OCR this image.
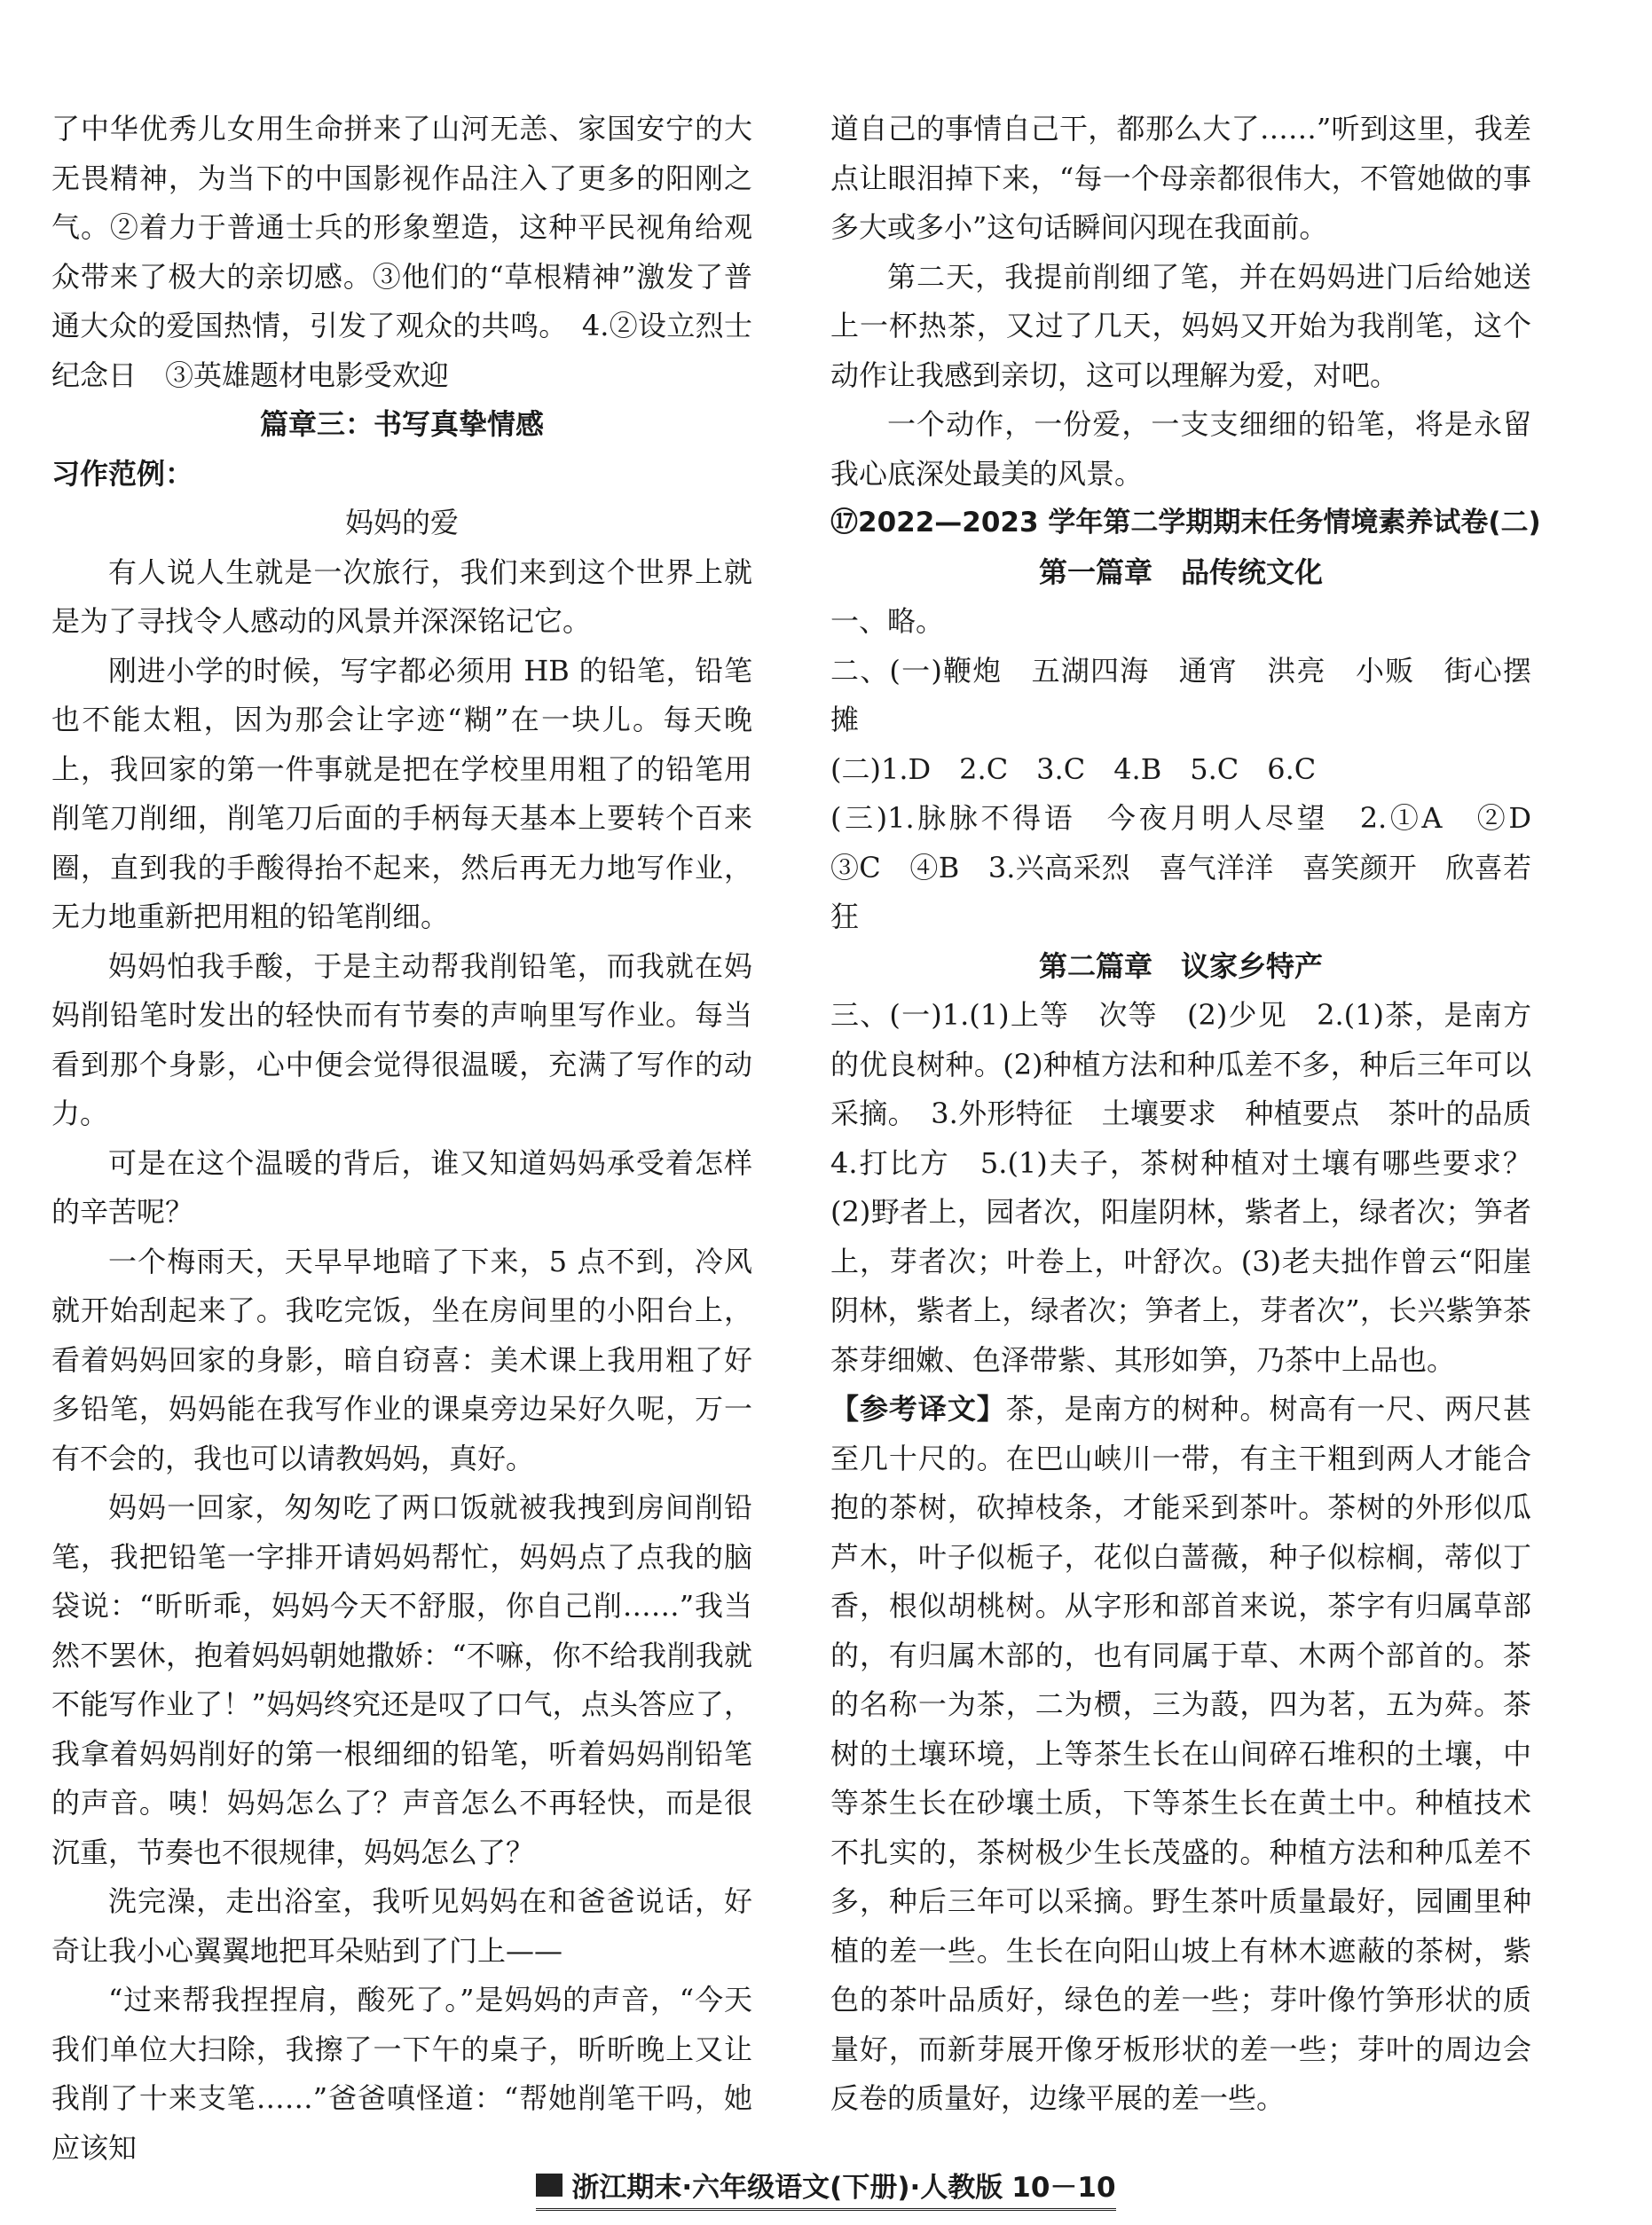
了中华优秀儿女用生命拼来了山河无恙、家国安宁的大无畏精神，为当下的中国影视作品注入了更多的阳刚之气。②着力于普通士兵的形象塑造，这种平民视角给观众带来了极大的亲切感。③他们的“草根精神”激发了普通大众的爱国热情，引发了观众的共鸣。　4.②设立烈士纪念日　③英雄题材电影受欢迎

篇章三：书写真挚情感

习作范例：

妈妈的爱

有人说人生就是一次旅行，我们来到这个世界上就是为了寻找令人感动的风景并深深铭记它。

刚进小学的时候，写字都必须用 HB 的铅笔，铅笔也不能太粗，因为那会让字迹“糊”在一块儿。每天晚上，我回家的第一件事就是把在学校里用粗了的铅笔用削笔刀削细，削笔刀后面的手柄每天基本上要转个百来圈，直到我的手酸得抬不起来，然后再无力地写作业，无力地重新把用粗的铅笔削细。

妈妈怕我手酸，于是主动帮我削铅笔，而我就在妈妈削铅笔时发出的轻快而有节奏的声响里写作业。每当看到那个身影，心中便会觉得很温暖，充满了写作的动力。

可是在这个温暖的背后，谁又知道妈妈承受着怎样的辛苦呢？

一个梅雨天，天早早地暗了下来，5 点不到，冷风就开始刮起来了。我吃完饭，坐在房间里的小阳台上，看着妈妈回家的身影，暗自窃喜：美术课上我用粗了好多铅笔，妈妈能在我写作业的课桌旁边呆好久呢，万一有不会的，我也可以请教妈妈，真好。

妈妈一回家，匆匆吃了两口饭就被我拽到房间削铅笔，我把铅笔一字排开请妈妈帮忙，妈妈点了点我的脑袋说：“昕昕乖，妈妈今天不舒服，你自己削……”我当然不罢休，抱着妈妈朝她撒娇：“不嘛，你不给我削我就不能写作业了！”妈妈终究还是叹了口气，点头答应了，我拿着妈妈削好的第一根细细的铅笔，听着妈妈削铅笔的声音。咦！妈妈怎么了？声音怎么不再轻快，而是很沉重，节奏也不很规律，妈妈怎么了？

洗完澡，走出浴室，我听见妈妈在和爸爸说话，好奇让我小心翼翼地把耳朵贴到了门上——

“过来帮我捏捏肩，酸死了。”是妈妈的声音，“今天我们单位大扫除，我擦了一下午的桌子，昕昕晚上又让我削了十来支笔……”爸爸嗔怪道：“帮她削笔干吗，她应该知

道自己的事情自己干，都那么大了……”听到这里，我差点让眼泪掉下来，“每一个母亲都很伟大，不管她做的事多大或多小”这句话瞬间闪现在我面前。

第二天，我提前削细了笔，并在妈妈进门后给她送上一杯热茶，又过了几天，妈妈又开始为我削笔，这个动作让我感到亲切，这可以理解为爱，对吧。

一个动作，一份爱，一支支细细的铅笔，将是永留我心底深处最美的风景。

⑰2022—2023 学年第二学期期末任务情境素养试卷(二)

第一篇章　品传统文化

一、略。

二、(一)鞭炮　五湖四海　通宵　洪亮　小贩　街心摆摊

(二)1.D　2.C　3.C　4.B　5.C　6.C

(三)1.脉脉不得语　今夜月明人尽望　2.①A　②D　③C　④B　3.兴高采烈　喜气洋洋　喜笑颜开　欣喜若狂

第二篇章　议家乡特产

三、(一)1.(1)上等　次等　(2)少见　2.(1)茶，是南方的优良树种。(2)种植方法和种瓜差不多，种后三年可以采摘。　3.外形特征　土壤要求　种植要点　茶叶的品质　4.打比方　5.(1)夫子，茶树种植对土壤有哪些要求？(2)野者上，园者次，阳崖阴林，紫者上，绿者次；笋者上，芽者次；叶卷上，叶舒次。(3)老夫拙作曾云“阳崖阴林，紫者上，绿者次；笋者上，芽者次”，长兴紫笋茶茶芽细嫩、色泽带紫、其形如笋，乃茶中上品也。

【参考译文】茶，是南方的树种。树高有一尺、两尺甚至几十尺的。在巴山峡川一带，有主干粗到两人才能合抱的茶树，砍掉枝条，才能采到茶叶。茶树的外形似瓜芦木，叶子似栀子，花似白蔷薇，种子似棕榈，蒂似丁香，根似胡桃树。从字形和部首来说，茶字有归属草部的，有归属木部的，也有同属于草、木两个部首的。茶的名称一为茶，二为槚，三为蔎，四为茗，五为荈。茶树的土壤环境，上等茶生长在山间碎石堆积的土壤，中等茶生长在砂壤土质，下等茶生长在黄土中。种植技术不扎实的，茶树极少生长茂盛的。种植方法和种瓜差不多，种后三年可以采摘。野生茶叶质量最好，园圃里种植的差一些。生长在向阳山坡上有林木遮蔽的茶树，紫色的茶叶品质好，绿色的差一些；芽叶像竹笋形状的质量好，而新芽展开像牙板形状的差一些；芽叶的周边会反卷的质量好，边缘平展的差一些。

浙江期末·六年级语文(下册)·人教版 10－10
